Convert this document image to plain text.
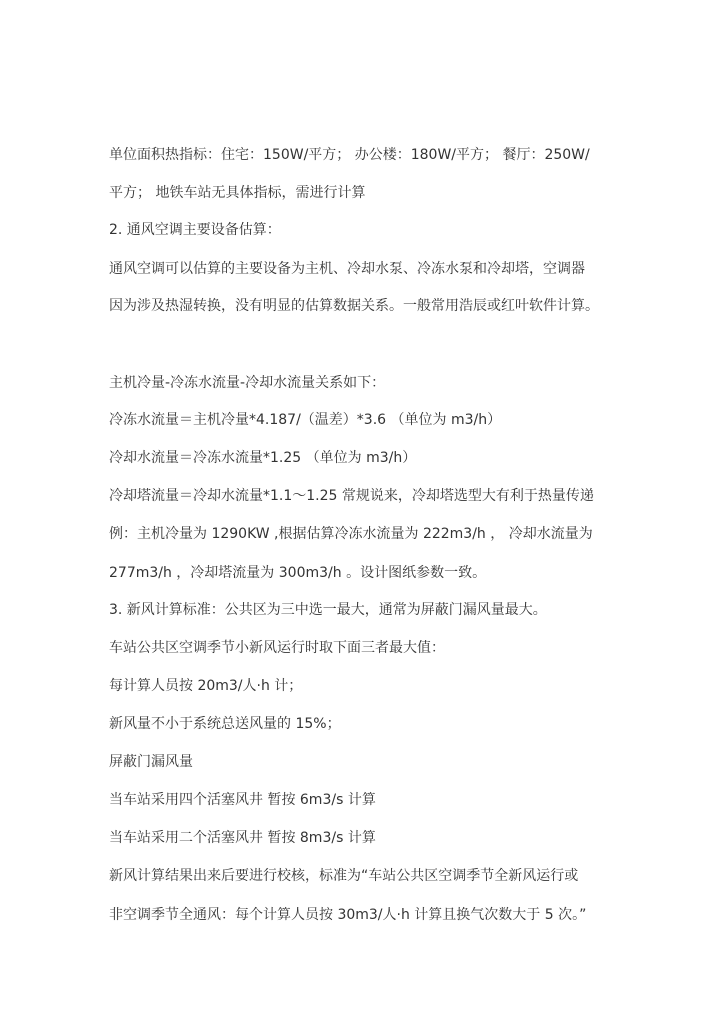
单位面积热指标：住宅：150W/平方； 办公楼：180W/平方； 餐厅：250W/
平方； 地铁车站无具体指标，需进行计算
2. 通风空调主要设备估算：
通风空调可以估算的主要设备为主机、冷却水泵、冷冻水泵和冷却塔，空调器
因为涉及热湿转换，没有明显的估算数据关系。一般常用浩辰或红叶软件计算。
主机冷量-冷冻水流量-冷却水流量关系如下：
冷冻水流量＝主机冷量*4.187/（温差）*3.6 （单位为 m3/h）
冷却水流量＝冷冻水流量*1.25 （单位为 m3/h）
冷却塔流量＝冷却水流量*1.1～1.25 常规说来，冷却塔选型大有利于热量传递
例：主机冷量为 1290KW ,根据估算冷冻水流量为 222m3/h ， 冷却水流量为
277m3/h ，冷却塔流量为 300m3/h 。设计图纸参数一致。
3. 新风计算标准：公共区为三中选一最大，通常为屏蔽门漏风量最大。
车站公共区空调季节小新风运行时取下面三者最大值：
每计算人员按 20m3/人·h 计；
新风量不小于系统总送风量的 15%；
屏蔽门漏风量
当车站采用四个活塞风井 暂按 6m3/s 计算
当车站采用二个活塞风井 暂按 8m3/s 计算
新风计算结果出来后要进行校核，标准为“车站公共区空调季节全新风运行或
非空调季节全通风：每个计算人员按 30m3/人·h 计算且换气次数大于 5 次。”
